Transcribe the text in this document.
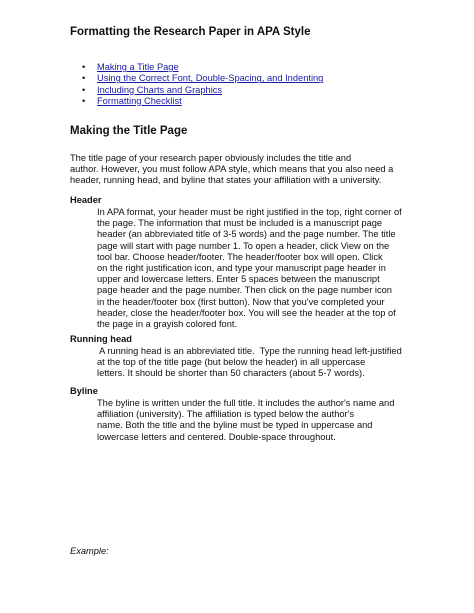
Formatting the Research Paper in APA Style
• Making a Title Page
• Using the Correct Font, Double-Spacing, and Indenting
• Including Charts and Graphics
• Formatting Checklist
Making the Title Page
The title page of your research paper obviously includes the title and
author. However, you must follow APA style, which means that you also need a
header, running head, and byline that states your affiliation with a university.
Header
In APA format, your header must be right justified in the top, right corner of
the page. The information that must be included is a manuscript page
header (an abbreviated title of 3-5 words) and the page number. The title
page will start with page number 1. To open a header, click View on the
tool bar. Choose header/footer. The header/footer box will open. Click
on the right justification icon, and type your manuscript page header in
upper and lowercase letters. Enter 5 spaces between the manuscript
page header and the page number. Then click on the page number icon
in the header/footer box (first button). Now that you've completed your
header, close the header/footer box. You will see the header at the top of
the page in a grayish colored font.
Running head
A running head is an abbreviated title.  Type the running head left-justified
at the top of the title page (but below the header) in all uppercase
letters. It should be shorter than 50 characters (about 5-7 words).
Byline
The byline is written under the full title. It includes the author's name and
affiliation (university). The affiliation is typed below the author's
name. Both the title and the byline must be typed in uppercase and
lowercase letters and centered. Double-space throughout.
Example:
